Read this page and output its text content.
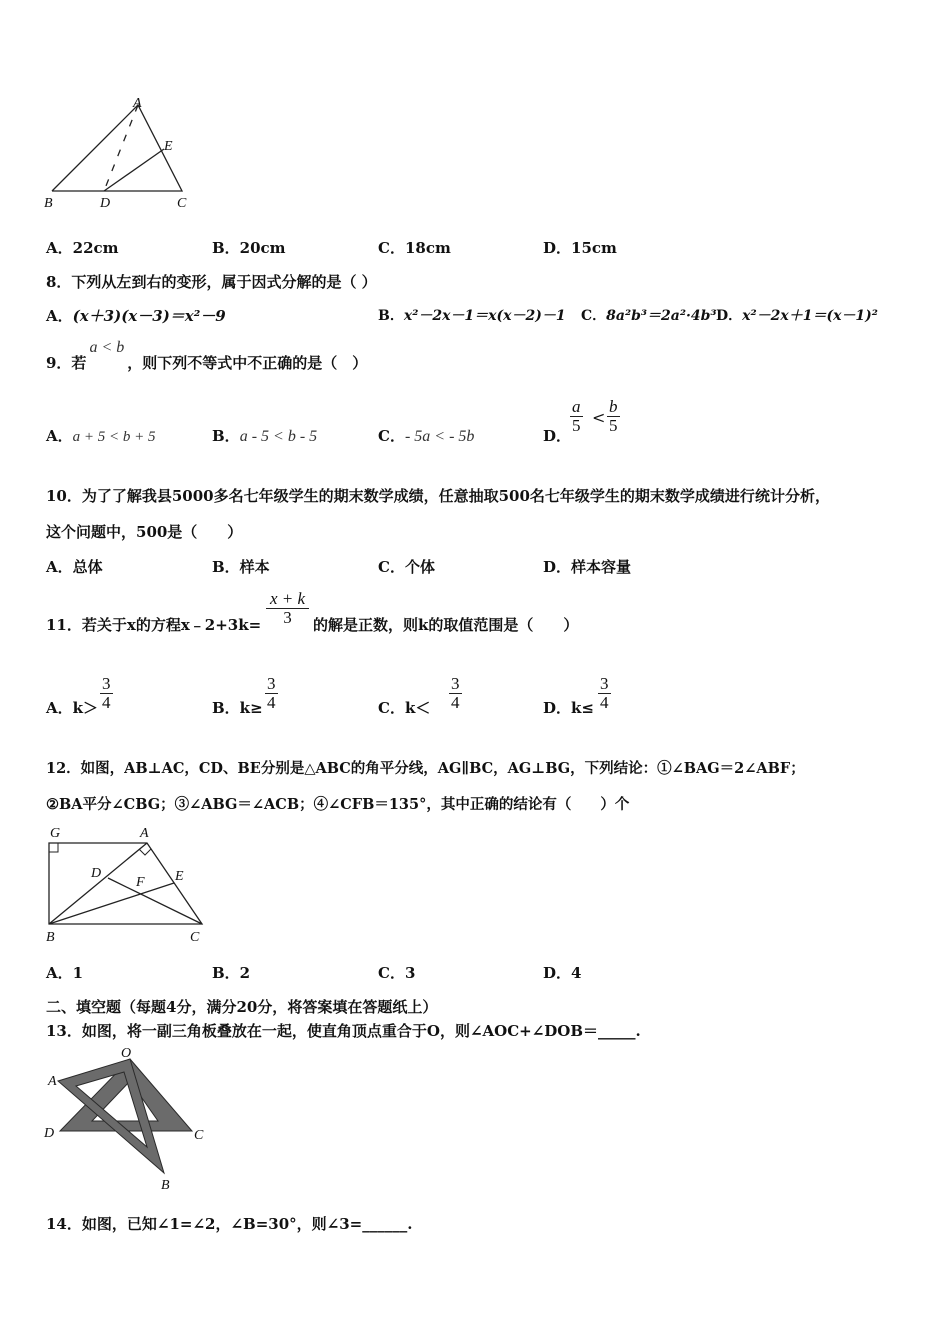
A
E
B	D	C
A．22cm	B．20cm	C．18cm	D．15cm
8．下列从左到右的变形，属于因式分解的是（ ）
A．(x＋3)(x－3)＝x²－9	B．x²－2x－1＝x(x－2)－1 C．8a²b³＝2a²·4b³ D．x²－2x＋1＝(x－1)²
9．若a < b，则下列不等式中不正确的是（　）
A．a + 5 < b + 5	B．a - 5 < b - 5	C．- 5a < - 5b	D．
$\frac{a}{5} < \frac{b}{5}$
10．为了了解我县5000多名七年级学生的期末数学成绩，任意抽取500名七年级学生的期末数学成绩进行统计分析，
这个问题中，500是（　　）
A．总体	B．样本	C．个体	D．样本容量
11．若关于x的方程x﹣2+3k= $\frac{x + k}{3}$ 的解是正数，则k的取值范围是（　　）
A．$k> \frac{3}{4}$	B．$k\ge \frac{3}{4}$	C．$k< \frac{3}{4}$	D．$k\le \frac{3}{4}$
12．如图，AB⊥AC，CD、BE分别是△ABC的角平分线，AG∥BC，AG⊥BG，下列结论：①∠BAG＝2∠ABF；
②BA平分∠CBG；③∠ABG＝∠ACB；④∠CFB＝135°，其中正确的结论有（　　）个
G	A
D
F E
B	C
A．1	B．2	C．3	D．4
二、填空题（每题4分，满分20分，将答案填在答题纸上）
13．如图，将一副三角板叠放在一起，使直角顶点重合于O，则∠AOC+∠DOB＝_____.
O
A
D	C
B
14．如图，已知∠1=∠2，∠B=30°，则∠3=______.
